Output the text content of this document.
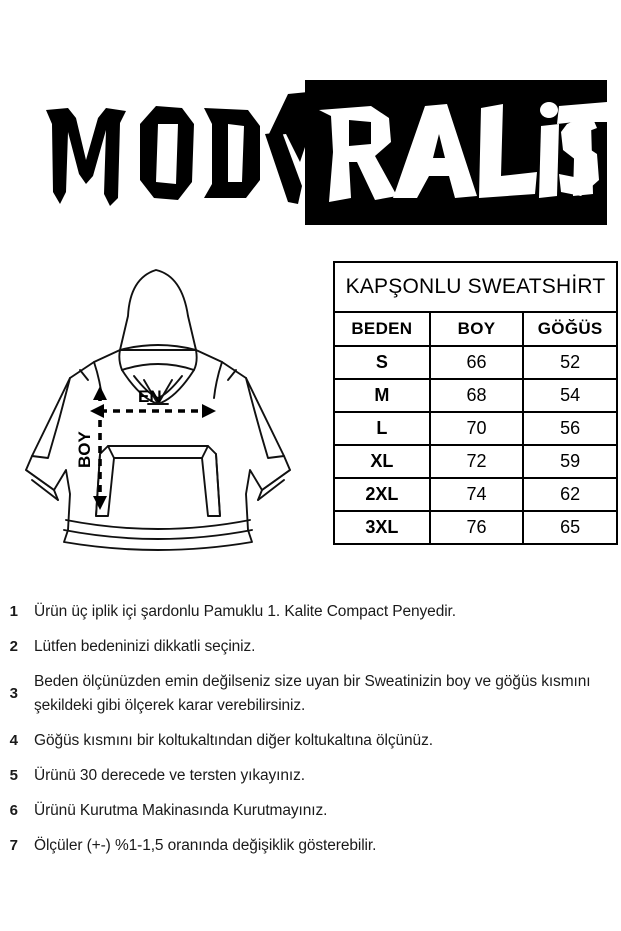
EN
BOY
KAPŞONLU SWEATSHİRT		
BEDEN	BOY	GÖĞÜS
S	66	52
M	68	54
L	70	56
XL	72	59
2XL	74	62
3XL	76	65
1	Ürün üç iplik içi şardonlu Pamuklu 1. Kalite Compact Penyedir.
2	Lütfen bedeninizi dikkatli seçiniz.
3
Beden ölçünüzden emin değilseniz size uyan bir Sweatinizin boy ve göğüs kısmını şekildeki gibi ölçerek karar verebilirsiniz.
4	Göğüs kısmını bir koltukaltından diğer koltukaltına ölçünüz.
5	Ürünü 30 derecede ve tersten yıkayınız.
6	Ürünü Kurutma Makinasında Kurutmayınız.
7	Ölçüler (+-) %1-1,5 oranında değişiklik gösterebilir.
